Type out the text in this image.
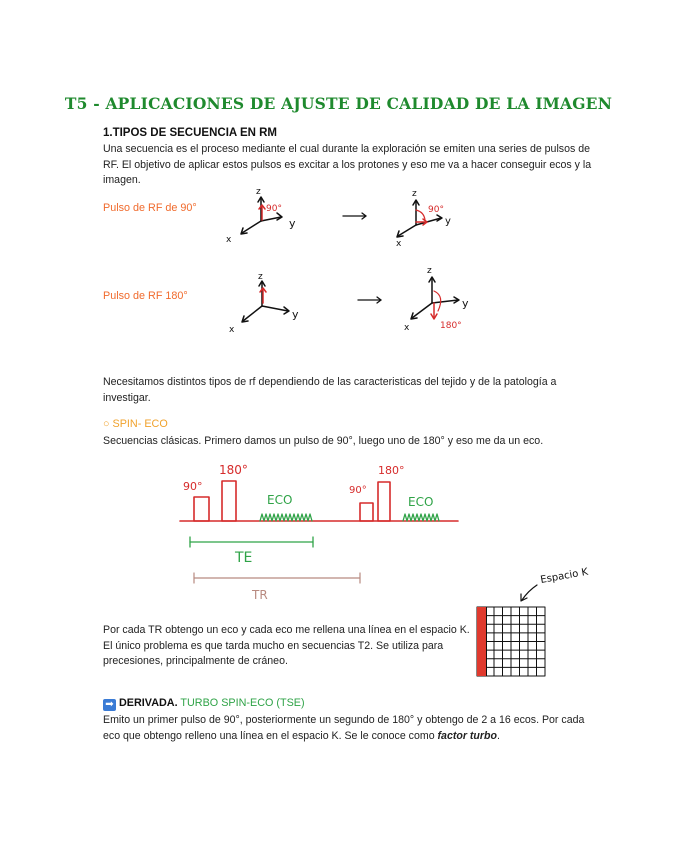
T5 - APLICACIONES DE AJUSTE DE CALIDAD DE LA IMAGEN
1.TIPOS DE SECUENCIA EN RM
Una secuencia es el proceso mediante el cual durante la exploración se emiten una series de pulsos de
RF. El objetivo de aplicar estos pulsos es excitar a los protones y eso me va a hacer conseguir ecos y la
imagen.
Pulso de RF de 90°
Pulso de RF 180°
Necesitamos distintos tipos de rf dependiendo de las caracteristicas del tejido y de la patología a
investigar.
○ SPIN- ECO
Secuencias clásicas. Primero damos un pulso de 90°, luego uno de 180° y eso me da un eco.
Por cada TR obtengo un eco y cada eco me rellena una línea en el espacio K.
El único problema es que tarda mucho en secuencias T2. Se utiliza para
precesiones, principalmente de cráneo.
➡ DERIVADA. TURBO SPIN-ECO (TSE)
Emito un primer pulso de 90°, posteriormente un segundo de 180° y obtengo de 2 a 16 ecos. Por cada
eco que obtengo relleno una línea en el espacio K. Se le conoce como factor turbo.
z
90°
y
x
z
90°
y
x
z
y
x
z
y
x	180°
90°
180°
90°
180°
ECO	ECO
TE
TR
Espacio K
